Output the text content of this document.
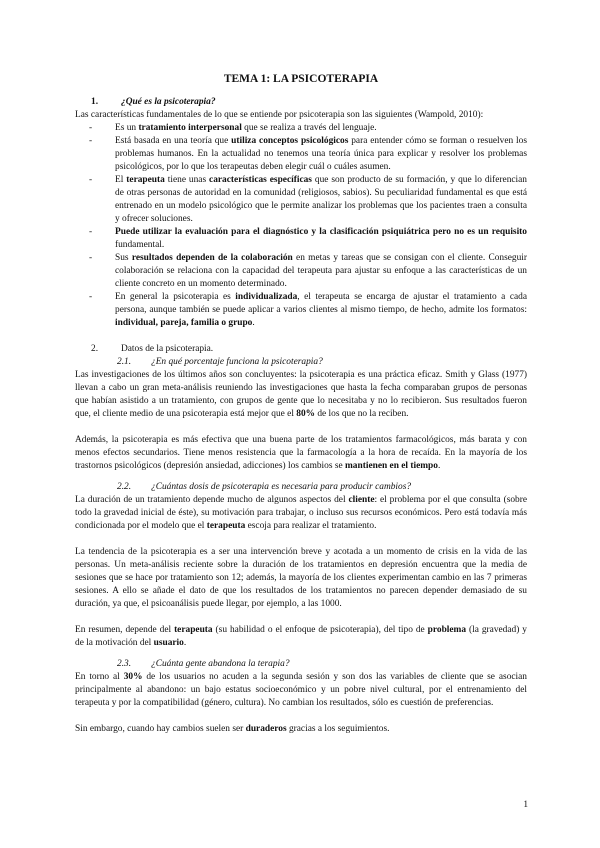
TEMA 1: LA PSICOTERAPIA
1. ¿Qué es la psicoterapia?

Las características fundamentales de lo que se entiende por psicoterapia son las siguientes (Wampold, 2010):

- Es un tratamiento interpersonal que se realiza a través del lenguaje.
- Está basada en una teoría que utiliza conceptos psicológicos para entender cómo se forman o resuelven los problemas humanos. En la actualidad no tenemos una teoría única para explicar y resolver los problemas psicológicos, por lo que los terapeutas deben elegir cuál o cuáles asumen.
- El terapeuta tiene unas características específicas que son producto de su formación, y que lo diferencian de otras personas de autoridad en la comunidad (religiosos, sabios). Su peculiaridad fundamental es que está entrenado en un modelo psicológico que le permite analizar los problemas que los pacientes traen a consulta y ofrecer soluciones.
- Puede utilizar la evaluación para el diagnóstico y la clasificación psiquiátrica pero no es un requisito fundamental.
- Sus resultados dependen de la colaboración en metas y tareas que se consigan con el cliente. Conseguir colaboración se relaciona con la capacidad del terapeuta para ajustar su enfoque a las características de un cliente concreto en un momento determinado.
- En general la psicoterapia es individualizada, el terapeuta se encarga de ajustar el tratamiento a cada persona, aunque también se puede aplicar a varios clientes al mismo tiempo, de hecho, admite los formatos: individual, pareja, familia o grupo.
2. Datos de la psicoterapia.
2.1. ¿En qué porcentaje funciona la psicoterapia?

Las investigaciones de los últimos años son concluyentes: la psicoterapia es una práctica eficaz. Smith y Glass (1977) llevan a cabo un gran meta-análisis reuniendo las investigaciones que hasta la fecha comparaban grupos de personas que habían asistido a un tratamiento, con grupos de gente que lo necesitaba y no lo recibieron. Sus resultados fueron que, el cliente medio de una psicoterapia está mejor que el 80% de los que no la reciben.

Además, la psicoterapia es más efectiva que una buena parte de los tratamientos farmacológicos, más barata y con menos efectos secundarios. Tiene menos resistencia que la farmacología a la hora de recaída. En la mayoría de los trastornos psicológicos (depresión ansiedad, adicciones) los cambios se mantienen en el tiempo.

2.2. ¿Cuántas dosis de psicoterapia es necesaria para producir cambios?

La duración de un tratamiento depende mucho de algunos aspectos del cliente: el problema por el que consulta (sobre todo la gravedad inicial de éste), su motivación para trabajar, o incluso sus recursos económicos. Pero está todavía más condicionada por el modelo que el terapeuta escoja para realizar el tratamiento.

La tendencia de la psicoterapia es a ser una intervención breve y acotada a un momento de crisis en la vida de las personas. Un meta-análisis reciente sobre la duración de los tratamientos en depresión encuentra que la media de sesiones que se hace por tratamiento son 12; además, la mayoría de los clientes experimentan cambio en las 7 primeras sesiones. A ello se añade el dato de que los resultados de los tratamientos no parecen depender demasiado de su duración, ya que, el psicoanálisis puede llegar, por ejemplo, a las 1000.

En resumen, depende del terapeuta (su habilidad o el enfoque de psicoterapia), del tipo de problema (la gravedad) y de la motivación del usuario.

2.3. ¿Cuánta gente abandona la terapia?

En torno al 30% de los usuarios no acuden a la segunda sesión y son dos las variables de cliente que se asocian principalmente al abandono: un bajo estatus socioeconómico y un pobre nivel cultural, por el entrenamiento del terapeuta y por la compatibilidad (género, cultura). No cambian los resultados, sólo es cuestión de preferencias.

Sin embargo, cuando hay cambios suelen ser duraderos gracias a los seguimientos.

1
